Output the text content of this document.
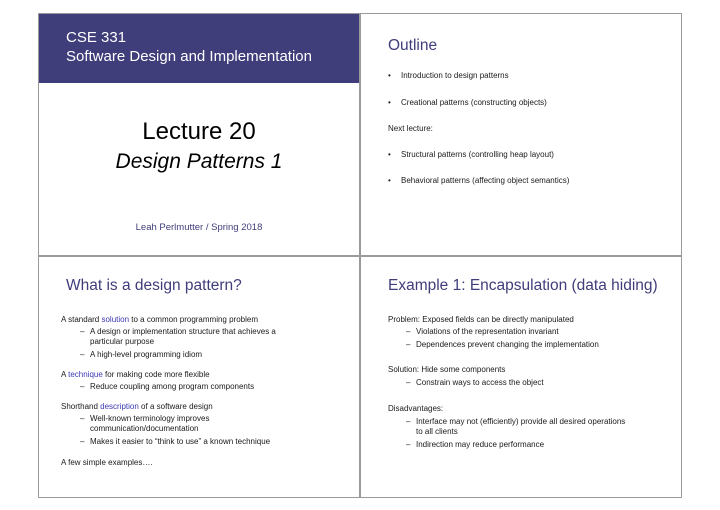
CSE 331
Software Design and Implementation
Lecture 20
Design Patterns 1
Leah Perlmutter / Spring 2018
Outline
• Introduction to design patterns
• Creational patterns (constructing objects)
Next lecture:
• Structural patterns (controlling heap layout)
• Behavioral patterns (affecting object semantics)
What is a design pattern?
A standard solution to a common programming problem
– A design or implementation structure that achieves a
particular purpose
– A high-level programming idiom
A technique for making code more flexible
– Reduce coupling among program components
Shorthand description of a software design
– Well-known terminology improves
communication/documentation
– Makes it easier to “think to use” a known technique
A few simple examples….
Example 1: Encapsulation (data hiding)
Problem: Exposed fields can be directly manipulated
– Violations of the representation invariant
– Dependences prevent changing the implementation
Solution: Hide some components
– Constrain ways to access the object
Disadvantages:
– Interface may not (efficiently) provide all desired operations
to all clients
– Indirection may reduce performance
